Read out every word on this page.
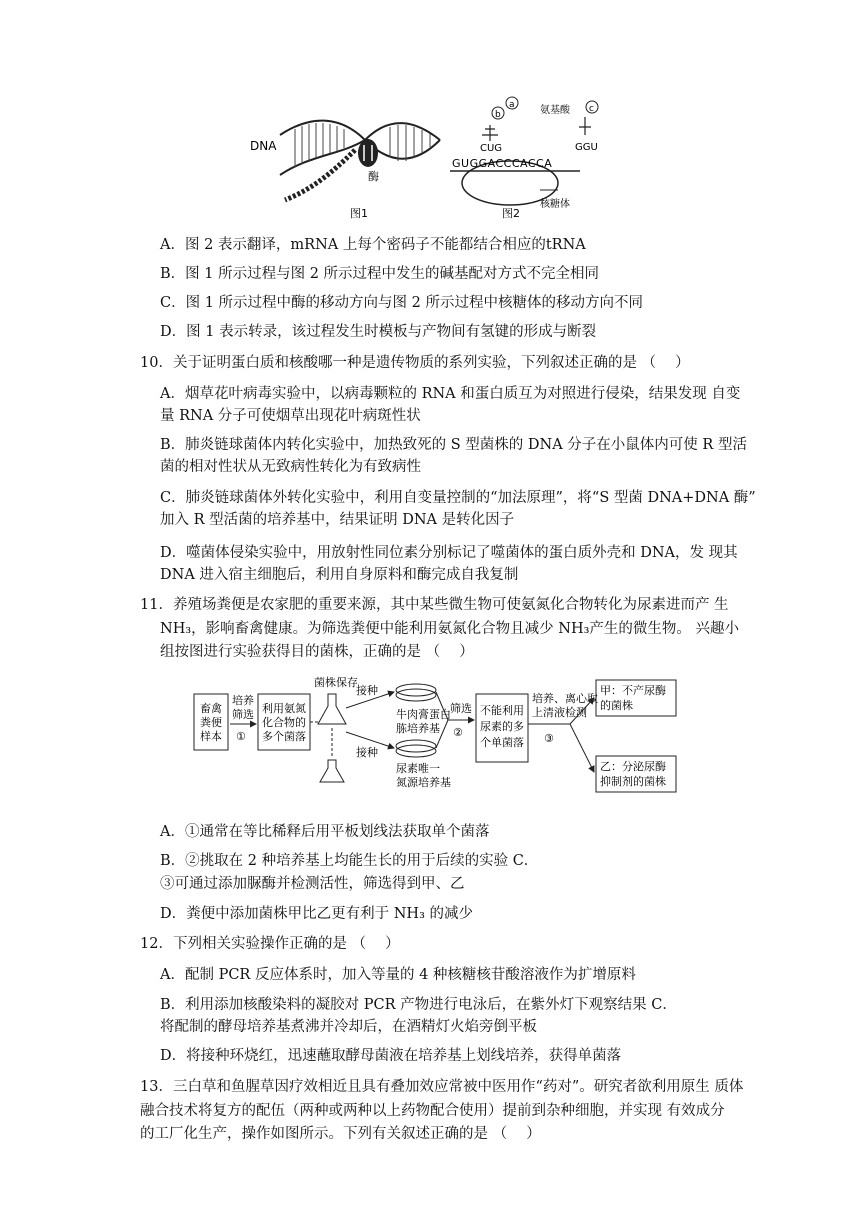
DNA
酶
图1
GUGGACCCACCA
CUG
b
a	氨基酸 c
GGU
核糖体
图2
A．图 2 表示翻译，mRNA 上每个密码子不能都结合相应的tRNA
B．图 1 所示过程与图 2 所示过程中发生的碱基配对方式不完全相同
C．图 1 所示过程中酶的移动方向与图 2 所示过程中核糖体的移动方向不同
D．图 1 表示转录，该过程发生时模板与产物间有氢键的形成与断裂
10．关于证明蛋白质和核酸哪一种是遗传物质的系列实验，下列叙述正确的是 （　 ）
A．烟草花叶病毒实验中，以病毒颗粒的 RNA 和蛋白质互为对照进行侵染，结果发现 自变
量 RNA 分子可使烟草出现花叶病斑性状
B．肺炎链球菌体内转化实验中，加热致死的 S 型菌株的 DNA 分子在小鼠体内可使 R 型活
菌的相对性状从无致病性转化为有致病性
C．肺炎链球菌体外转化实验中，利用自变量控制的“加法原理”，将“S 型菌 DNA+DNA 酶”
加入 R 型活菌的培养基中，结果证明 DNA 是转化因子
D．噬菌体侵染实验中，用放射性同位素分别标记了噬菌体的蛋白质外壳和 DNA，发 现其
DNA 进入宿主细胞后，利用自身原料和酶完成自我复制
11．养殖场粪便是农家肥的重要来源，其中某些微生物可使氨氮化合物转化为尿素进而产 生
NH₃，影响畜禽健康。为筛选粪便中能利用氨氮化合物且减少 NH₃产生的微生物。 兴趣小
组按图进行实验获得目的菌株，正确的是 （　 ）
畜禽
粪便
样本
培养
筛选
①
利用氨氮
化合物的
多个菌落
菌株保存
接种
接种
牛肉膏蛋白
胨培养基
尿素唯一
氮源培养基
筛选
②
不能利用
尿素的多
个单菌落
培养、离心取
上清液检测
③
甲：不产尿酶
的菌株
乙：分泌尿酶
抑制剂的菌株
A．①通常在等比稀释后用平板划线法获取单个菌落
B．②挑取在 2 种培养基上均能生长的用于后续的实验 C．
③可通过添加脲酶并检测活性，筛选得到甲、乙
D．粪便中添加菌株甲比乙更有利于 NH₃ 的减少
12．下列相关实验操作正确的是 （　 ）
A．配制 PCR 反应体系时，加入等量的 4 种核糖核苷酸溶液作为扩增原料
B．利用添加核酸染料的凝胶对 PCR 产物进行电泳后，在紫外灯下观察结果 C．
将配制的酵母培养基煮沸并冷却后，在酒精灯火焰旁倒平板
D．将接种环烧红，迅速蘸取酵母菌液在培养基上划线培养，获得单菌落
13．三白草和鱼腥草因疗效相近且具有叠加效应常被中医用作“药对”。研究者欲利用原生 质体
融合技术将复方的配伍（两种或两种以上药物配合使用）提前到杂种细胞，并实现 有效成分
的工厂化生产，操作如图所示。下列有关叙述正确的是 （　 ）
